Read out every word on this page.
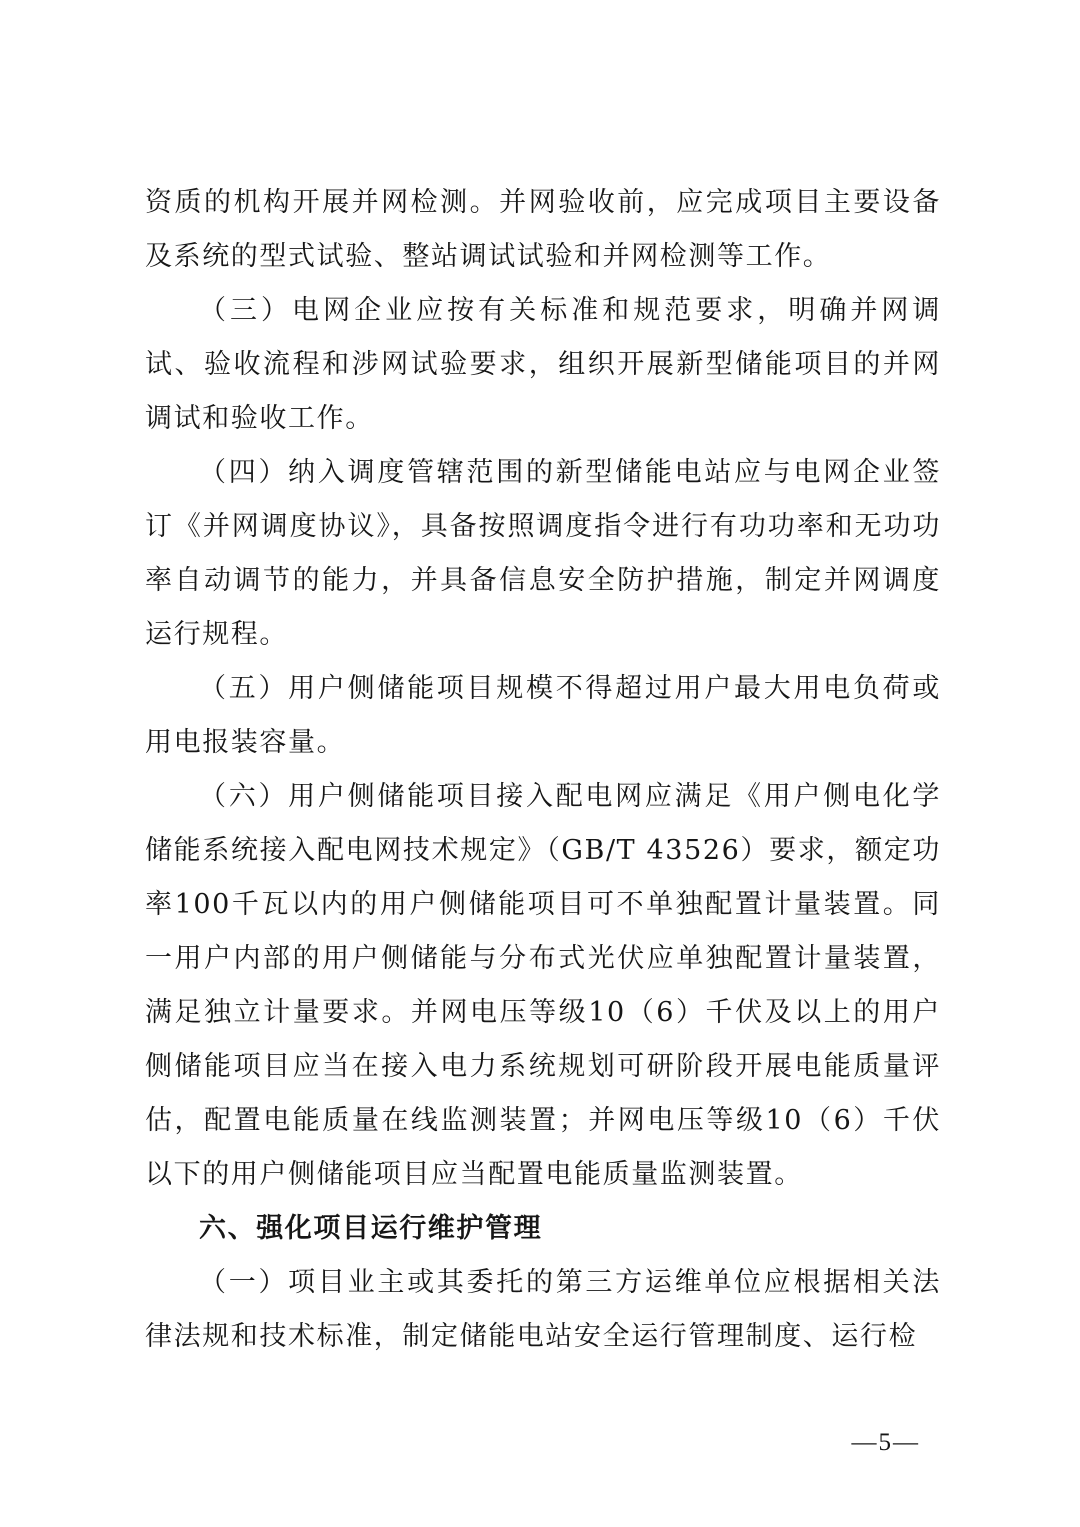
资质的机构开展并网检测。并网验收前，应完成项目主要设备及系统的型式试验、整站调试试验和并网检测等工作。

（三）电网企业应按有关标准和规范要求，明确并网调试、验收流程和涉网试验要求，组织开展新型储能项目的并网调试和验收工作。

（四）纳入调度管辖范围的新型储能电站应与电网企业签订《并网调度协议》，具备按照调度指令进行有功功率和无功功率自动调节的能力，并具备信息安全防护措施，制定并网调度运行规程。

（五）用户侧储能项目规模不得超过用户最大用电负荷或用电报装容量。

（六）用户侧储能项目接入配电网应满足《用户侧电化学储能系统接入配电网技术规定》（GB/T 43526）要求，额定功率100千瓦以内的用户侧储能项目可不单独配置计量装置。同一用户内部的用户侧储能与分布式光伏应单独配置计量装置，满足独立计量要求。并网电压等级10（6）千伏及以上的用户侧储能项目应当在接入电力系统规划可研阶段开展电能质量评估，配置电能质量在线监测装置；并网电压等级10（6）千伏以下的用户侧储能项目应当配置电能质量监测装置。

六、强化项目运行维护管理

（一）项目业主或其委托的第三方运维单位应根据相关法律法规和技术标准，制定储能电站安全运行管理制度、运行检

—5—
